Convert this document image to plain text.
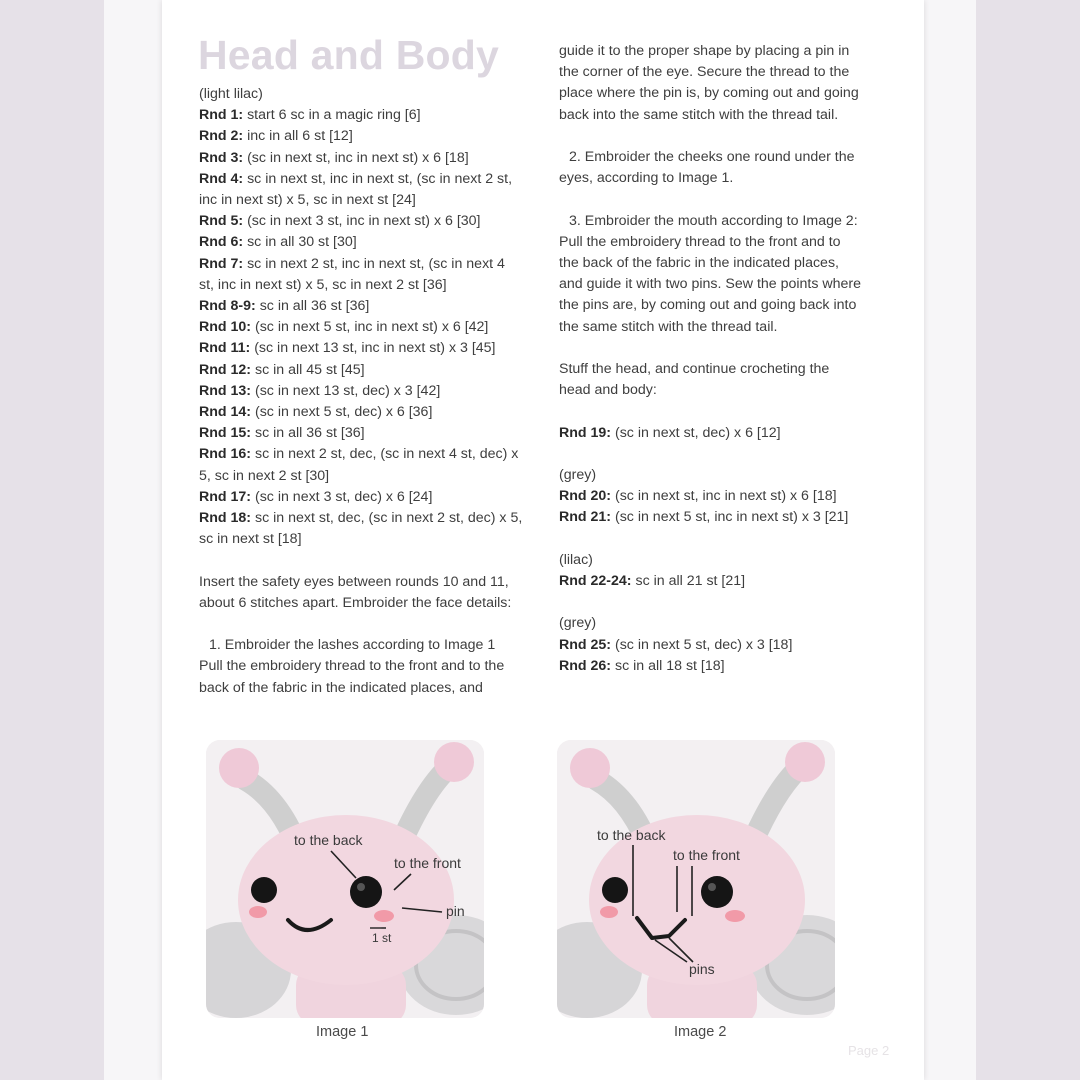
Head and Body
(light lilac)
Rnd 1: start 6 sc in a magic ring [6]
Rnd 2: inc in all 6 st [12]
Rnd 3: (sc in next st, inc in next st) x 6 [18]
Rnd 4: sc in next st, inc in next st, (sc in next 2 st,
inc in next st) x 5, sc in next st [24]
Rnd 5: (sc in next 3 st, inc in next st) x 6 [30]
Rnd 6: sc in all 30 st [30]
Rnd 7: sc in next 2 st, inc in next st, (sc in next 4
st, inc in next st) x 5, sc in next 2 st [36]
Rnd 8-9: sc in all 36 st [36]
Rnd 10: (sc in next 5 st, inc in next st) x 6 [42]
Rnd 11: (sc in next 13 st, inc in next st) x 3 [45]
Rnd 12: sc in all 45 st [45]
Rnd 13: (sc in next 13 st, dec) x 3 [42]
Rnd 14: (sc in next 5 st, dec) x 6 [36]
Rnd 15: sc in all 36 st [36]
Rnd 16: sc in next 2 st, dec, (sc in next 4 st, dec) x
5, sc in next 2 st [30]
Rnd 17: (sc in next 3 st, dec) x 6 [24]
Rnd 18: sc in next st, dec, (sc in next 2 st, dec) x 5,
sc in next st [18]
Insert the safety eyes between rounds 10 and 11,
about 6 stitches apart. Embroider the face details:
1. Embroider the lashes according to Image 1
Pull the embroidery thread to the front and to the
back of the fabric in the indicated places, and
guide it to the proper shape by placing a pin in
the corner of the eye. Secure the thread to the
place where the pin is, by coming out and going
back into the same stitch with the thread tail.
2. Embroider the cheeks one round under the
eyes, according to Image 1.
3. Embroider the mouth according to Image 2:
Pull the embroidery thread to the front and to
the back of the fabric in the indicated places,
and guide it with two pins. Sew the points where
the pins are, by coming out and going back into
the same stitch with the thread tail.
Stuff the head, and continue crocheting the
head and body:
Rnd 19: (sc in next st, dec) x 6 [12]
(grey)
Rnd 20: (sc in next st, inc in next st) x 6 [18]
Rnd 21: (sc in next 5 st, inc in next st) x 3 [21]
(lilac)
Rnd 22-24: sc in all 21 st [21]
(grey)
Rnd 25: (sc in next 5 st, dec) x 3 [18]
Rnd 26: sc in all 18 st [18]
to the back
to the front
pin
1 st
Image 1
to the back
to the front
pins
Image 2
Page 2
